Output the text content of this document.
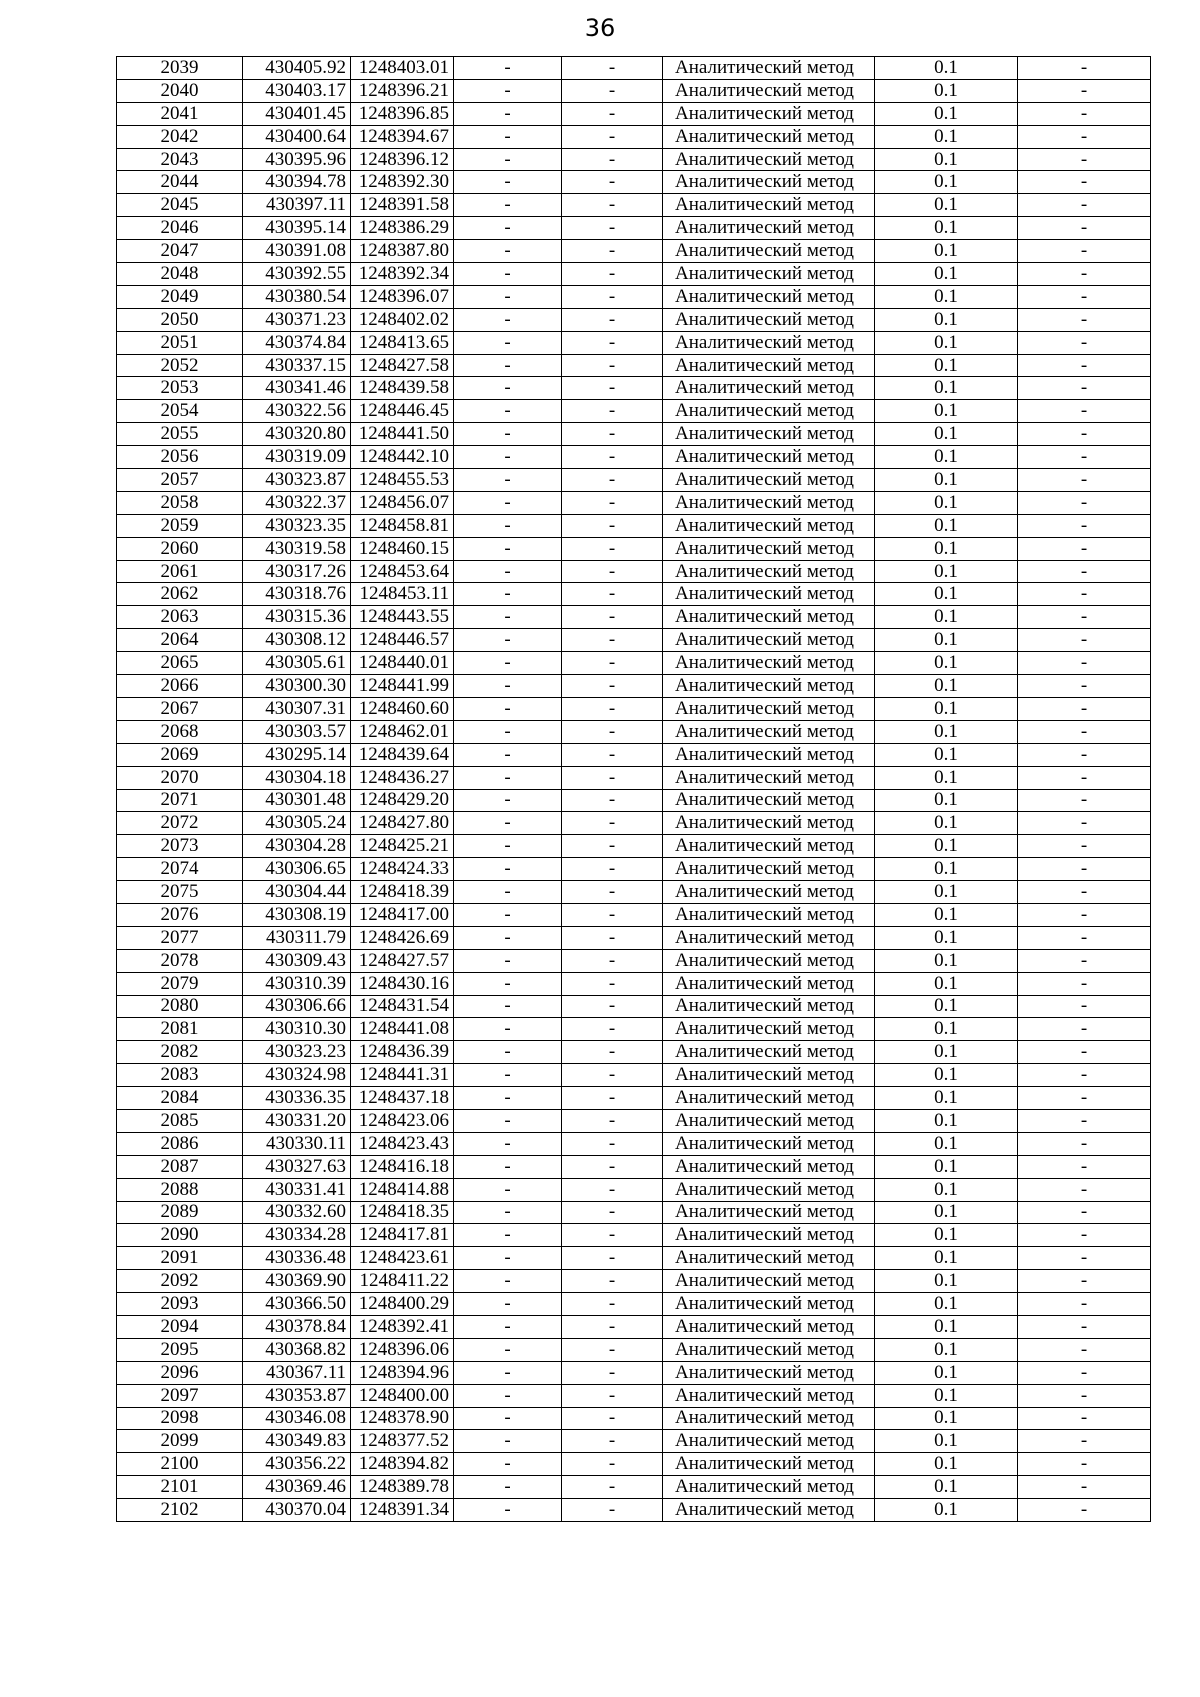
36
2039	430405.92	1248403.01	-	-	Аналитический метод	0.1	-
2040	430403.17	1248396.21	-	-	Аналитический метод	0.1	-
2041	430401.45	1248396.85	-	-	Аналитический метод	0.1	-
2042	430400.64	1248394.67	-	-	Аналитический метод	0.1	-
2043	430395.96	1248396.12	-	-	Аналитический метод	0.1	-
2044	430394.78	1248392.30	-	-	Аналитический метод	0.1	-
2045	430397.11	1248391.58	-	-	Аналитический метод	0.1	-
2046	430395.14	1248386.29	-	-	Аналитический метод	0.1	-
2047	430391.08	1248387.80	-	-	Аналитический метод	0.1	-
2048	430392.55	1248392.34	-	-	Аналитический метод	0.1	-
2049	430380.54	1248396.07	-	-	Аналитический метод	0.1	-
2050	430371.23	1248402.02	-	-	Аналитический метод	0.1	-
2051	430374.84	1248413.65	-	-	Аналитический метод	0.1	-
2052	430337.15	1248427.58	-	-	Аналитический метод	0.1	-
2053	430341.46	1248439.58	-	-	Аналитический метод	0.1	-
2054	430322.56	1248446.45	-	-	Аналитический метод	0.1	-
2055	430320.80	1248441.50	-	-	Аналитический метод	0.1	-
2056	430319.09	1248442.10	-	-	Аналитический метод	0.1	-
2057	430323.87	1248455.53	-	-	Аналитический метод	0.1	-
2058	430322.37	1248456.07	-	-	Аналитический метод	0.1	-
2059	430323.35	1248458.81	-	-	Аналитический метод	0.1	-
2060	430319.58	1248460.15	-	-	Аналитический метод	0.1	-
2061	430317.26	1248453.64	-	-	Аналитический метод	0.1	-
2062	430318.76	1248453.11	-	-	Аналитический метод	0.1	-
2063	430315.36	1248443.55	-	-	Аналитический метод	0.1	-
2064	430308.12	1248446.57	-	-	Аналитический метод	0.1	-
2065	430305.61	1248440.01	-	-	Аналитический метод	0.1	-
2066	430300.30	1248441.99	-	-	Аналитический метод	0.1	-
2067	430307.31	1248460.60	-	-	Аналитический метод	0.1	-
2068	430303.57	1248462.01	-	-	Аналитический метод	0.1	-
2069	430295.14	1248439.64	-	-	Аналитический метод	0.1	-
2070	430304.18	1248436.27	-	-	Аналитический метод	0.1	-
2071	430301.48	1248429.20	-	-	Аналитический метод	0.1	-
2072	430305.24	1248427.80	-	-	Аналитический метод	0.1	-
2073	430304.28	1248425.21	-	-	Аналитический метод	0.1	-
2074	430306.65	1248424.33	-	-	Аналитический метод	0.1	-
2075	430304.44	1248418.39	-	-	Аналитический метод	0.1	-
2076	430308.19	1248417.00	-	-	Аналитический метод	0.1	-
2077	430311.79	1248426.69	-	-	Аналитический метод	0.1	-
2078	430309.43	1248427.57	-	-	Аналитический метод	0.1	-
2079	430310.39	1248430.16	-	-	Аналитический метод	0.1	-
2080	430306.66	1248431.54	-	-	Аналитический метод	0.1	-
2081	430310.30	1248441.08	-	-	Аналитический метод	0.1	-
2082	430323.23	1248436.39	-	-	Аналитический метод	0.1	-
2083	430324.98	1248441.31	-	-	Аналитический метод	0.1	-
2084	430336.35	1248437.18	-	-	Аналитический метод	0.1	-
2085	430331.20	1248423.06	-	-	Аналитический метод	0.1	-
2086	430330.11	1248423.43	-	-	Аналитический метод	0.1	-
2087	430327.63	1248416.18	-	-	Аналитический метод	0.1	-
2088	430331.41	1248414.88	-	-	Аналитический метод	0.1	-
2089	430332.60	1248418.35	-	-	Аналитический метод	0.1	-
2090	430334.28	1248417.81	-	-	Аналитический метод	0.1	-
2091	430336.48	1248423.61	-	-	Аналитический метод	0.1	-
2092	430369.90	1248411.22	-	-	Аналитический метод	0.1	-
2093	430366.50	1248400.29	-	-	Аналитический метод	0.1	-
2094	430378.84	1248392.41	-	-	Аналитический метод	0.1	-
2095	430368.82	1248396.06	-	-	Аналитический метод	0.1	-
2096	430367.11	1248394.96	-	-	Аналитический метод	0.1	-
2097	430353.87	1248400.00	-	-	Аналитический метод	0.1	-
2098	430346.08	1248378.90	-	-	Аналитический метод	0.1	-
2099	430349.83	1248377.52	-	-	Аналитический метод	0.1	-
2100	430356.22	1248394.82	-	-	Аналитический метод	0.1	-
2101	430369.46	1248389.78	-	-	Аналитический метод	0.1	-
2102	430370.04	1248391.34	-	-	Аналитический метод	0.1	-
